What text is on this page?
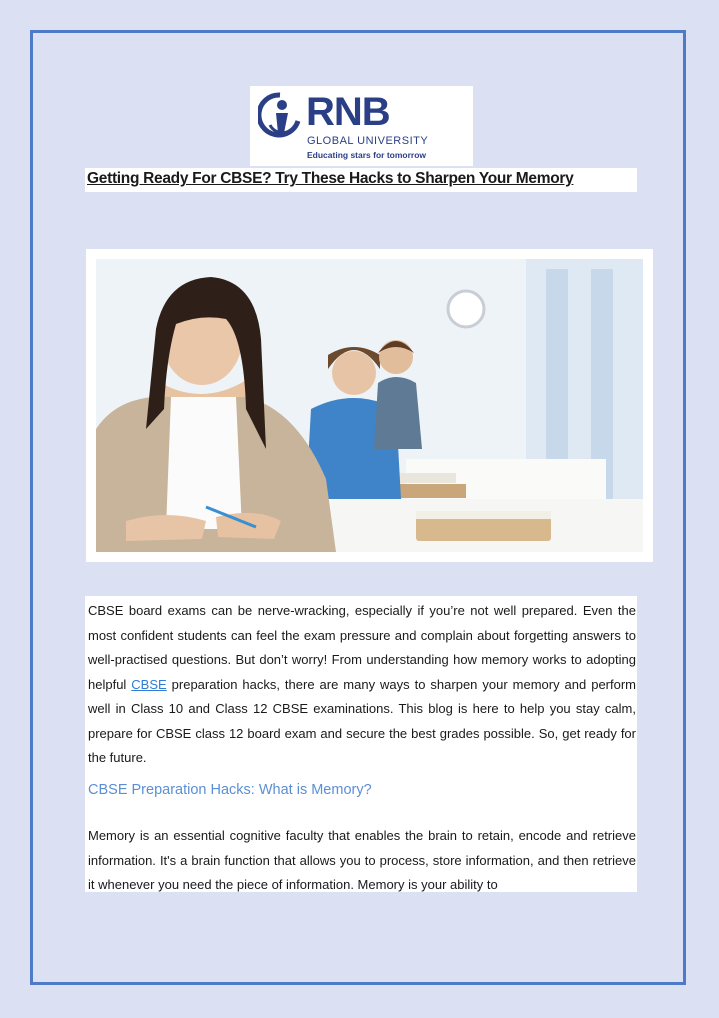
RNB
GLOBAL UNIVERSITY
Educating stars for tomorrow
Getting Ready For CBSE? Try These Hacks to Sharpen Your Memory

CBSE board exams can be nerve-wracking, especially if you’re not well prepared. Even the most confident students can feel the exam pressure and complain about forgetting answers to well-practised questions. But don’t worry! From understanding how memory works to adopting helpful CBSE preparation hacks, there are many ways to sharpen your memory and perform well in Class 10 and Class 12 CBSE examinations. This blog is here to help you stay calm, prepare for CBSE class 12 board exam and secure the best grades possible. So, get ready for the future.

CBSE Preparation Hacks: What is Memory?

Memory is an essential cognitive faculty that enables the brain to retain, encode and retrieve information. It's a brain function that allows you to process, store information, and then retrieve it whenever you need the piece of information. Memory is your ability to
